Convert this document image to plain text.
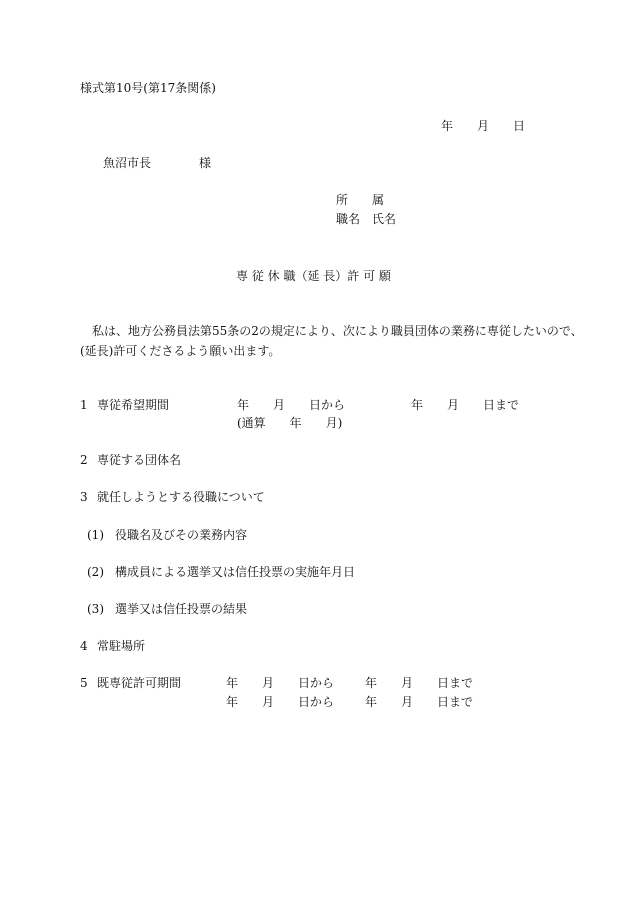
様式第10号(第17条関係)
年　　月　　日
魚沼市長　　　　様
所　　属
職名　氏名
専 従 休 職（延 長）許 可 願
私は、地方公務員法第55条の2の規定により、次により職員団体の業務に専従したいので、
(延長)許可くださるよう願い出ます。
1 専従希望期間	年　　月　　日から	年　　月　　日まで
(通算　　年　　月)
2 専従する団体名
3 就任しようとする役職について
(1) 役職名及びその業務内容
(2) 構成員による選挙又は信任投票の実施年月日
(3) 選挙又は信任投票の結果
4 常駐場所
5 既専従許可期間	年　　月　　日から	年　　月　　日まで
年　　月　　日から	年　　月　　日まで
